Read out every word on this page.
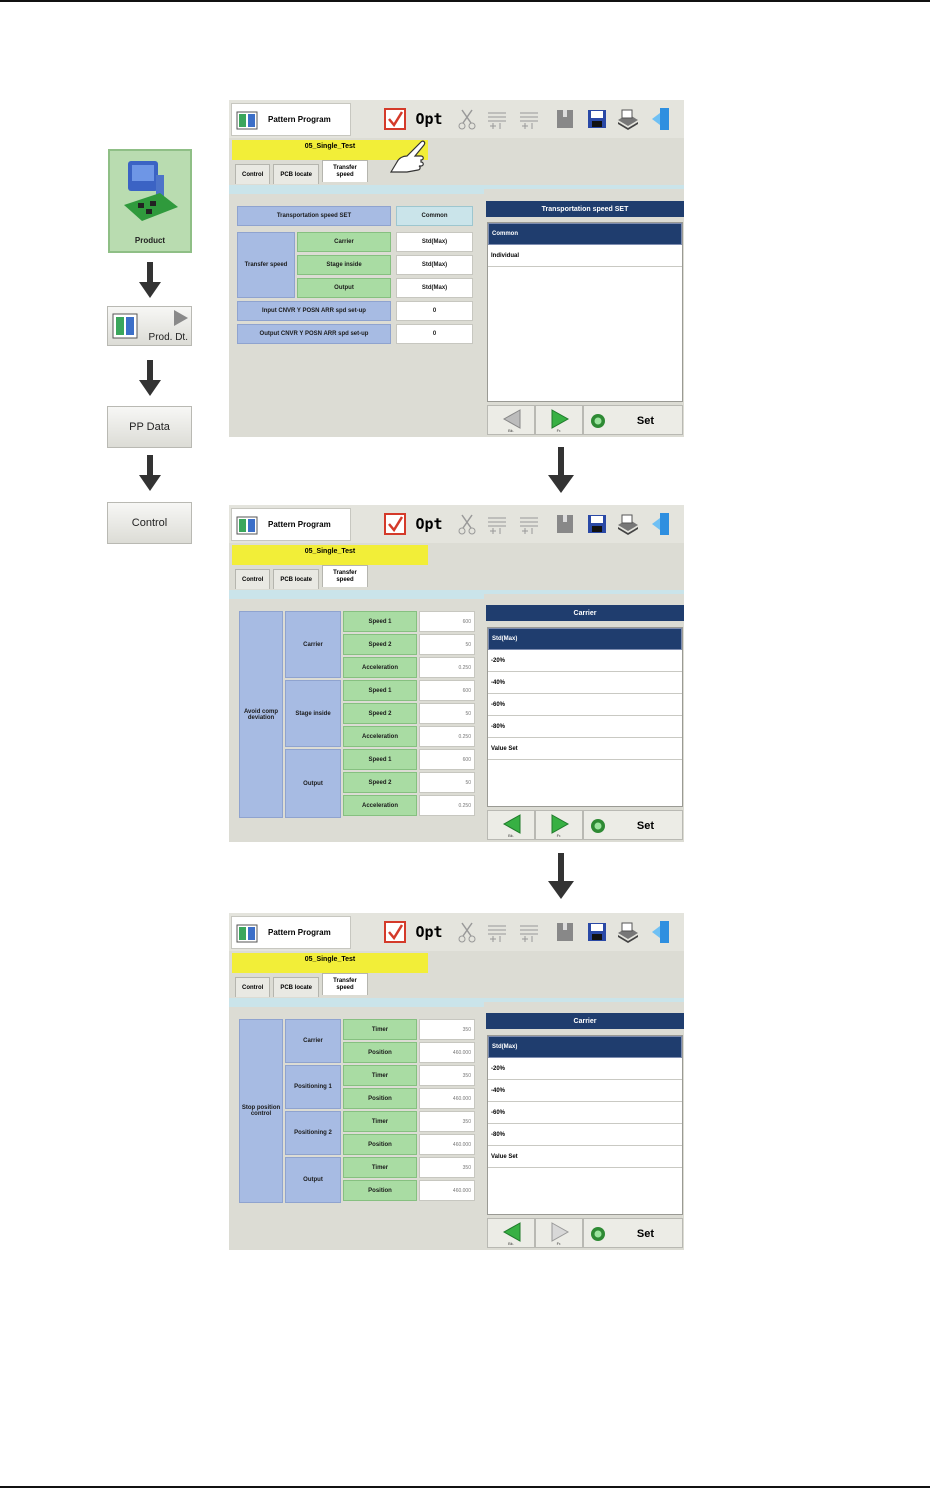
Product
Prod. Dt.
PP Data
Control
Pattern Program	Opt
05_Single_Test
Control	PCB locate
Transfer speed
Transportation speed SET	Common
Transfer speed
Carrier	Std(Max)
Stage inside	Std(Max)
Output	Std(Max)
Input CNVR Y POSN ARR spd set-up	0
Output CNVR Y POSN ARR spd set-up	0
Transportation speed SET
Common
Individual
Bk.	Fr.
Set
Pattern Program	Opt
05_Single_Test
Control	PCB locate
Transfer speed
Avoid comp deviation
Carrier
Speed 1	600
Speed 2	50
Acceleration	0.250
Stage inside
Speed 1	600
Speed 2	50
Acceleration	0.250
Output
Speed 1	600
Speed 2	50
Acceleration	0.250
Carrier
Std(Max)
-20%
-40%
-60%
-80%
Value Set
Bk.	Fr.
Set
Pattern Program	Opt
05_Single_Test
Control	PCB locate
Transfer speed
Stop position control
Carrier
Timer	350
Position	460.000
Positioning 1
Timer	350
Position	460.000
Positioning 2
Timer	350
Position	460.000
Output
Timer	350
Position	460.000
Carrier
Std(Max)
-20%
-40%
-60%
-80%
Value Set
Bk.	Fr.
Set
